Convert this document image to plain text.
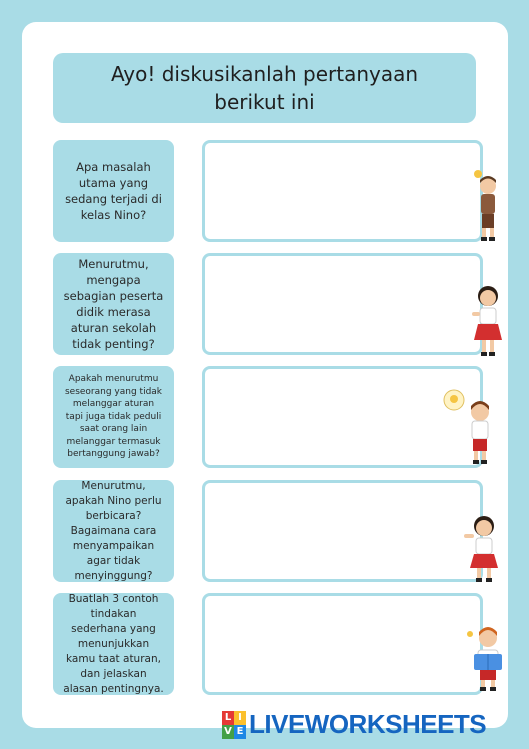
Ayo! diskusikanlah pertanyaan berikut ini
Apa masalah utama yang sedang terjadi di kelas Nino?
Menurutmu, mengapa sebagian peserta didik merasa aturan sekolah tidak penting?
Apakah menurutmu seseorang yang tidak melanggar aturan tapi juga tidak peduli saat orang lain melanggar termasuk bertanggung jawab?
Menurutmu, apakah Nino perlu berbicara? Bagaimana cara menyampaikan agar tidak menyinggung?
Buatlah 3 contoh tindakan sederhana yang menunjukkan kamu taat aturan, dan jelaskan alasan pentingnya.
L I
V E LIVEWORKSHEETS
